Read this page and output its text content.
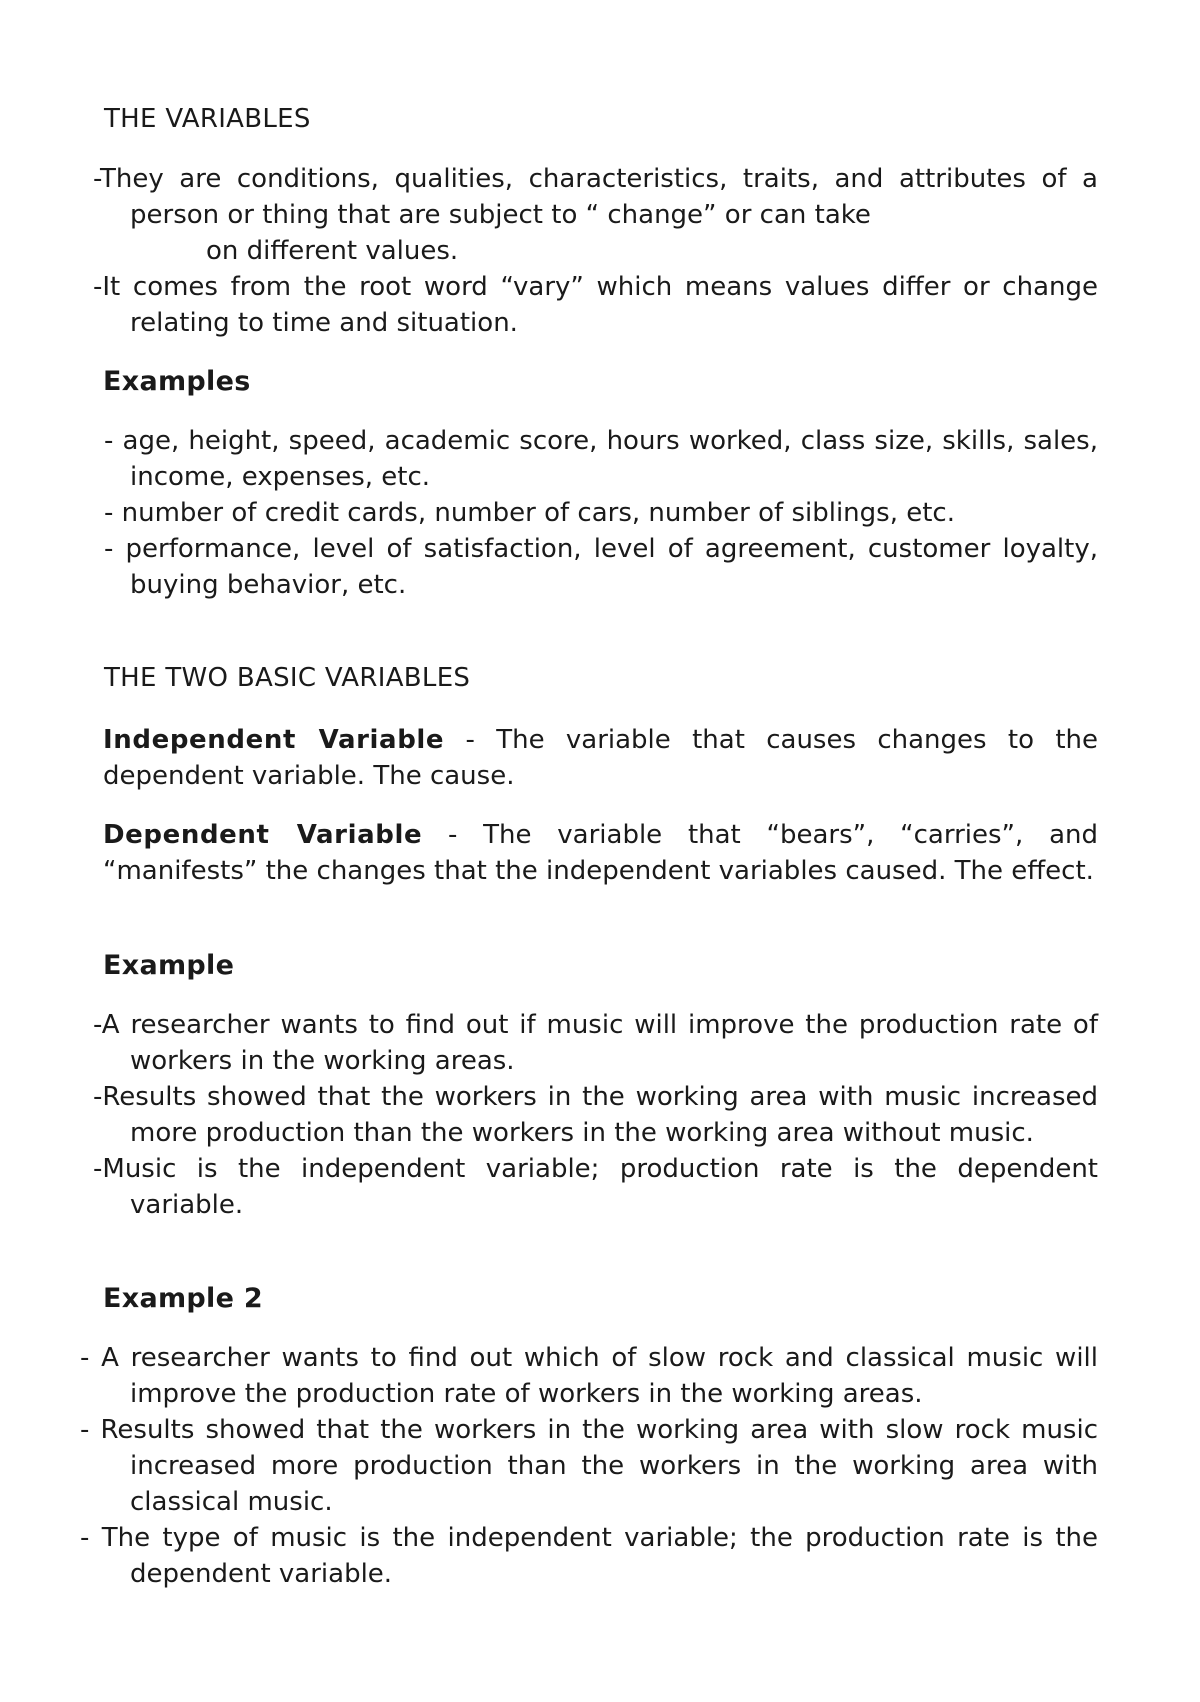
THE VARIABLES

-They are conditions, qualities, characteristics, traits, and attributes of a person or thing that are subject to “ change” or can take
on different values.

-It comes from the root word “vary” which means values differ or change relating to time and situation.

Examples

- age, height, speed, academic score, hours worked, class size, skills, sales, income, expenses, etc.

- number of credit cards, number of cars, number of siblings, etc.

- performance, level of satisfaction, level of agreement, customer loyalty, buying behavior, etc.

THE TWO BASIC VARIABLES

Independent Variable - The variable that causes changes to the dependent variable. The cause.

Dependent Variable - The variable that “bears”, “carries”, and “manifests” the changes that the independent variables caused. The effect.

Example

-A researcher wants to find out if music will improve the production rate of workers in the working areas.

-Results showed that the workers in the working area with music increased more production than the workers in the working area without music.

-Music is the independent variable; production rate is the dependent variable.

Example 2

- A researcher wants to find out which of slow rock and classical music will improve the production rate of workers in the working areas.

- Results showed that the workers in the working area with slow rock music increased more production than the workers in the working area with classical music.

- The type of music is the independent variable; the production rate is the dependent variable.
